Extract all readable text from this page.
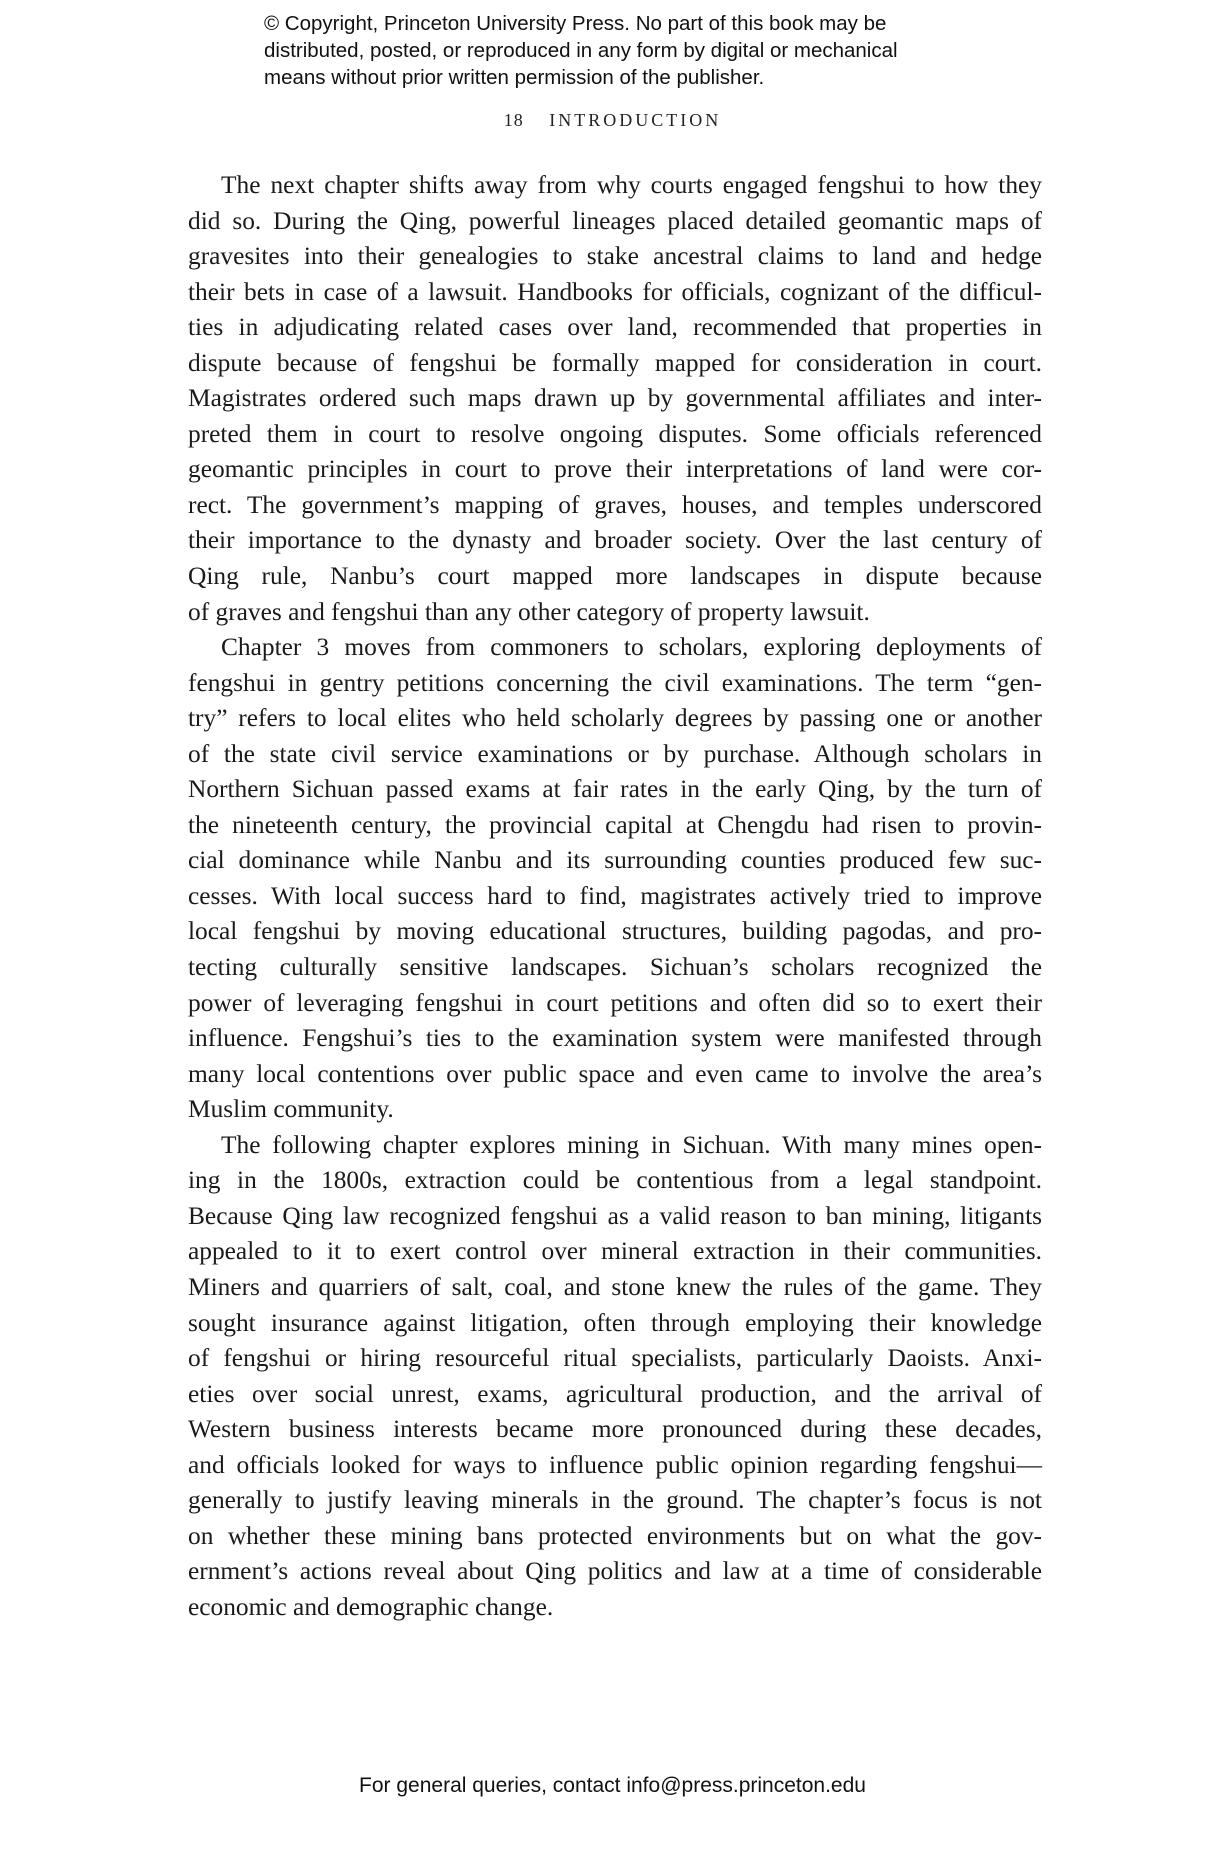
© Copyright, Princeton University Press. No part of this book may be
distributed, posted, or reproduced in any form by digital or mechanical
means without prior written permission of the publisher.
18 INTRODUCTION

The next chapter shifts away from why courts engaged fengshui to how they
did so. During the Qing, powerful lineages placed detailed geomantic maps of
gravesites into their genealogies to stake ancestral claims to land and hedge
their bets in case of a lawsuit. Handbooks for officials, cognizant of the difficul-
ties in adjudicating related cases over land, recommended that properties in
dispute because of fengshui be formally mapped for consideration in court.
Magistrates ordered such maps drawn up by governmental affiliates and inter-
preted them in court to resolve ongoing disputes. Some officials referenced
geomantic principles in court to prove their interpretations of land were cor-
rect. The government’s mapping of graves, houses, and temples underscored
their importance to the dynasty and broader society. Over the last century of
Qing rule, Nanbu’s court mapped more landscapes in dispute because
of graves and fengshui than any other category of property lawsuit.

Chapter 3 moves from commoners to scholars, exploring deployments of
fengshui in gentry petitions concerning the civil examinations. The term “gen-
try” refers to local elites who held scholarly degrees by passing one or another
of the state civil service examinations or by purchase. Although scholars in
Northern Sichuan passed exams at fair rates in the early Qing, by the turn of
the nineteenth century, the provincial capital at Chengdu had risen to provin-
cial dominance while Nanbu and its surrounding counties produced few suc-
cesses. With local success hard to find, magistrates actively tried to improve
local fengshui by moving educational structures, building pagodas, and pro-
tecting culturally sensitive landscapes. Sichuan’s scholars recognized the
power of leveraging fengshui in court petitions and often did so to exert their
influence. Fengshui’s ties to the examination system were manifested through
many local contentions over public space and even came to involve the area’s
Muslim community.

The following chapter explores mining in Sichuan. With many mines open-
ing in the 1800s, extraction could be contentious from a legal standpoint.
Because Qing law recognized fengshui as a valid reason to ban mining, litigants
appealed to it to exert control over mineral extraction in their communities.
Miners and quarriers of salt, coal, and stone knew the rules of the game. They
sought insurance against litigation, often through employing their knowledge
of fengshui or hiring resourceful ritual specialists, particularly Daoists. Anxi-
eties over social unrest, exams, agricultural production, and the arrival of
Western business interests became more pronounced during these decades,
and officials looked for ways to influence public opinion regarding fengshui—
generally to justify leaving minerals in the ground. The chapter’s focus is not
on whether these mining bans protected environments but on what the gov-
ernment’s actions reveal about Qing politics and law at a time of considerable
economic and demographic change.

For general queries, contact info@press.princeton.edu
